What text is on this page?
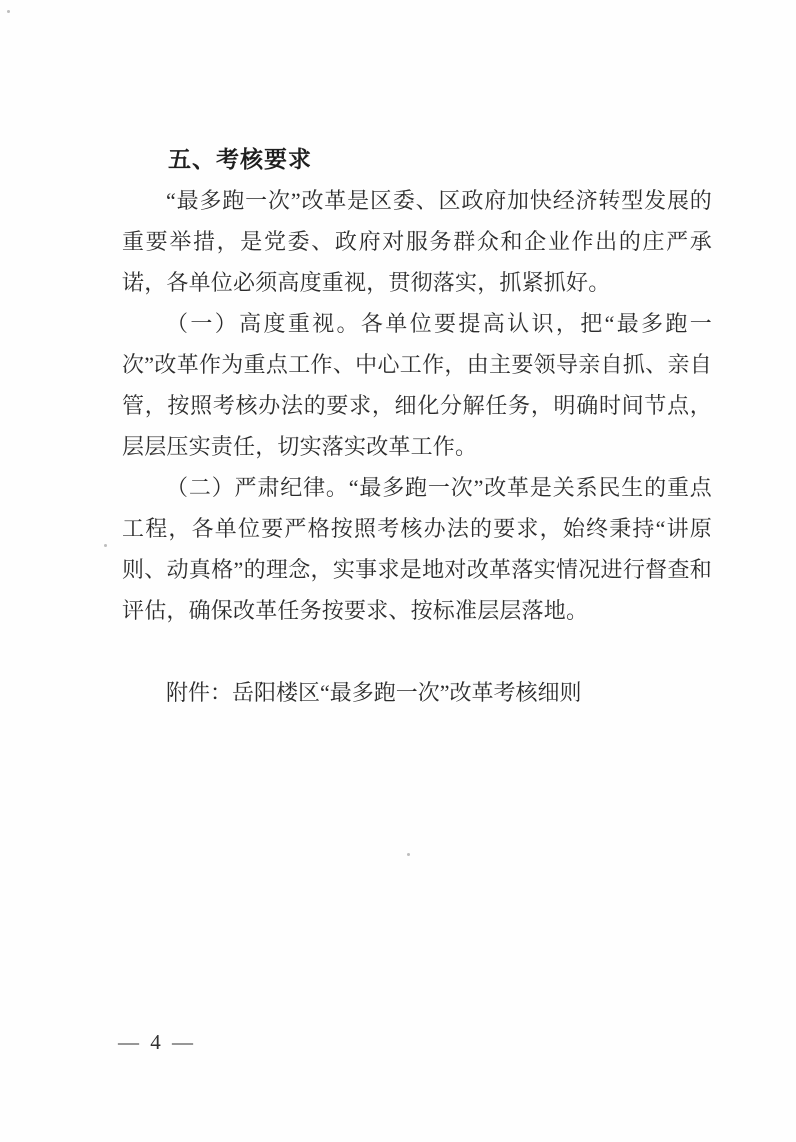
五、考核要求

“最多跑一次”改革是区委、区政府加快经济转型发展的重要举措，是党委、政府对服务群众和企业作出的庄严承诺，各单位必须高度重视，贯彻落实，抓紧抓好。

（一）高度重视。各单位要提高认识，把“最多跑一次”改革作为重点工作、中心工作，由主要领导亲自抓、亲自管，按照考核办法的要求，细化分解任务，明确时间节点，层层压实责任，切实落实改革工作。

（二）严肃纪律。“最多跑一次”改革是关系民生的重点工程，各单位要严格按照考核办法的要求，始终秉持“讲原则、动真格”的理念，实事求是地对改革落实情况进行督查和评估，确保改革任务按要求、按标准层层落地。

附件：岳阳楼区“最多跑一次”改革考核细则

— 4 —
